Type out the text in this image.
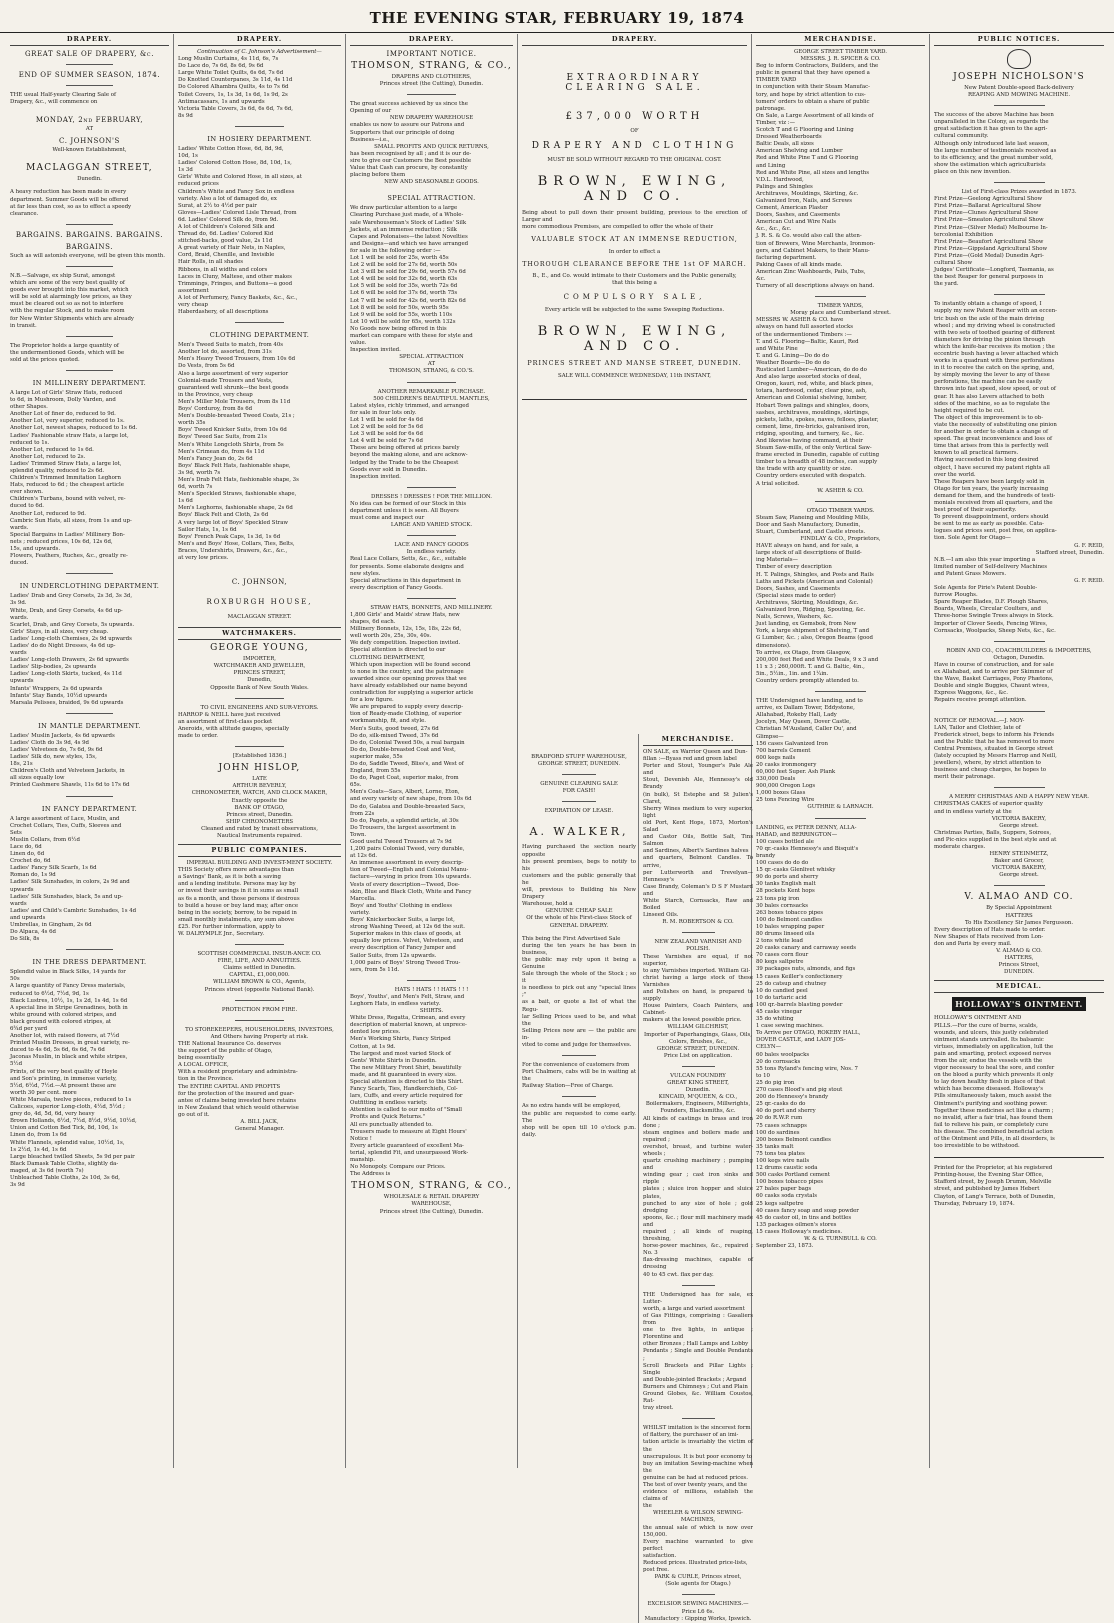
THE EVENING STAR, FEBRUARY 19, 1874
DRAPERY.
GREAT SALE OF DRAPERY, &c.
END OF SUMMER SEASON, 1874.

THE usual Half-yearly Clearing Sale of

Drapery, &c., will commence on

MONDAY, 2nd FEBRUARY,
AT
C. JOHNSON'S
Well-known Establishment,
MACLAGGAN STREET,
Dunedin.

A heavy reduction has been made in every

department. Summer Goods will be offered

at far less than cost, so as to effect a speedy

clearance.

BARGAINS. BARGAINS. BARGAINS.
BARGAINS.
Such as will astonish everyone, will be given this month.

N.B.—Salvage, ex ship Surat, amongst

which are some of the very best quality of

goods ever brought into this market, which

will be sold at alarmingly low prices, as they

must be cleared out so as not to interfere

with the regular Stock, and to make room

for New Winter Shipments which are already

in transit.

The Proprietor holds a large quantity of

the undermentioned Goods, which will be

sold at the prices quoted.

IN MILLINERY DEPARTMENT.

A large Lot of Girls' Straw Hats, reduced

to 6d, in Mushroom, Dolly Varden, and

other Shapes.

Another Lot of finer do, reduced to 9d.

Another Lot, very superior, reduced to 1s.

Another Lot, newest shapes, reduced to 1s 6d.

Ladies' Fashionable straw Hats, a large lot,

reduced to 1s.

Another Lot, reduced to 1s 6d.

Another Lot, reduced to 2s.

Ladies' Trimmed Straw Hats, a large lot,

splendid quality, reduced to 2s 6d.

Children's Trimmed Immitation Leghorn

Hats, reduced to 6d ; the cheapest article

ever shown.

Children's Turbans, bound with velvet, re-

duced to 6d.

Another Lot, reduced to 9d.

Cambric Sun Hats, all sizes, from 1s and up-

wards.

Special Bargains in Ladies' Millinery Bon-

nets ; reduced prices, 10s 6d, 12s 6d,

15s, and upwards.

Flowers, Feathers, Ruches, &c., greatly re-

duced.

IN UNDERCLOTHING DEPARTMENT.

Ladies' Drab and Grey Corsets, 2s 3d, 3s 3d,

3s 9d.

White, Drab, and Grey Corsets, 4s 6d up-

wards.

Scarlet, Drab, and Grey Corsets, 5s upwards.

Girls' Stays, in all sizes, very cheap.

Ladies' Long-cloth Chemises, 2s 9d upwards

Ladies' do do Night Dresses, 4s 6d up-

wards

Ladies' Long-cloth Drawers, 2s 6d upwards

Ladies' Slip-bodies, 2s upwards

Ladies' Long-cloth Skirts, tucked, 4s 11d

upwards

Infants' Wrappers, 2s 6d upwards

Infants' Stay Bands, 10½d upwards

Marsala Pelisses, braided, 9s 6d upwards

IN MANTLE DEPARTMENT.

Ladies' Muslin Jackets, 4s 6d upwards

Ladies' Cloth do 3s 9d, 4s 9d

Ladies' Velveteen do, 7s 6d, 9s 6d

Ladies' Silk do, new styles, 15s,

18s, 21s

Children's Cloth and Velveteen Jackets, in

all sizes equally low

Printed Cashmere Shawls, 11s 6d to 17s 6d

IN FANCY DEPARTMENT.

A large assortment of Lace, Muslin, and

Crochet Collars, Ties, Cuffs, Sleeves and

Sets

Muslin Collars, from 6½d

Lace do, 6d

Linen do, 6d

Crochet do, 6d

Ladies' Fancy Silk Scarfs, 1s 6d

Roman do, 1s 9d

Ladies' Silk Sunshades, in colors, 2s 9d and

upwards

Ladies' Silk Sunshades, black, 5s and up-

wards

Ladies' and Child's Cambric Sunshades, 1s 4d

and upwards

Umbrellas, in Gingham, 2s 6d

Do Alpaca, 4s 6d

Do Silk, 8s

IN THE DRESS DEPARTMENT.

Splendid value in Black Silks, 14 yards for

50s

A large quantity of Fancy Dress materials,

reduced to 6½d, 7½d, 9d, 1s

Black Lustres, 10½, 1s, 1s 2d, 1s 4d, 1s 6d

A special line in Stripe Grenadines, both in

white ground with colored stripes, and

black ground with colored stripes, at

6¾d per yard

Another lot, with raised flowers, at 7½d

Printed Muslin Dresses, in great variety, re-

duced to 4s 6d, 5s 6d, 6s 6d, 7s 6d

Jaconas Muslin, in black and white stripes,

5½d

Prints, of the very best quality of Hoyle

and Son's printing, in immense variety,

5½d, 6½d, 7½d.—At present these are

worth 30 per cent. more

White Marsala, twelve pieces, reduced to 1s

Calicoes, superior Long-cloth, 4½d, 5½d ;

grey do, 4d, 5d, 6d, very heavy

Brown Hollands, 6½d, 7½d, 8½d, 9½d, 10½d,

Union and Cotton Bed Tick, 8d, 10d, 1s

Linen do, from 1s 6d

White Flannels, splendid value, 10½d, 1s,

1s 2½d, 1s 4d, 1s 6d

Large bleached twilled Sheets, 5s 9d per pair

Black Damask Table Cloths, slightly da-

maged, at 3s 6d (worth 7s)

Unbleached Table Cloths, 2s 10d, 3s 6d,

3s 9d

DRAPERY.
Continuation of C. Johnson's Advertisement—

Long Muslin Curtains, 4s 11d, 6s, 7s

Do Lace do, 7s 6d, 8s 6d, 9s 6d

Large White Toilet Quilts, 6s 6d, 7s 6d

Do Knotted Counterpanes, 3s 11d, 4s 11d

Do Colored Alhambra Quilts, 4s to 7s 6d

Toilet Covers, 1s, 1s 3d, 1s 6d, 1s 9d, 2s

Antimacassars, 1s and upwards

Victoria Table Covers, 3s 6d, 6s 6d, 7s 6d,

8s 9d

IN HOSIERY DEPARTMENT.

Ladies' White Cotton Hose, 6d, 8d, 9d,

10d, 1s

Ladies' Colored Cotton Hose, 8d, 10d, 1s,

1s 3d

Girls' White and Colored Hose, in all sizes, at

reduced prices

Children's White and Fancy Sox in endless

variety. Also a lot of damaged do, ex

Surat, at 2½ to 4½d per pair

Gloves—Ladies' Colored Lisle Thread, from

6d. Ladies' Colored Silk do, from 9d.

A lot of Children's Colored Silk and

Thread do, 6d. Ladies' Colored Kid

stitched-backs, good value, 2s 11d

A great variety of Hair Nets, in Naples,

Cord, Braid, Chenille, and Invisible

Hair Rolls, in all shades

Ribbons, in all widths and colors

Laces in Cluny, Maltese, and other makes

Trimmings, Fringes, and Buttons—a good

assortment

A lot of Perfumery, Fancy Baskets, &c., &c.,

very cheap

Haberdashery, of all descriptions

CLOTHING DEPARTMENT.

Men's Tweed Suits to match, from 40s

Another lot do, assorted, from 31s

Men's Heavy Tweed Trousers, from 10s 6d

Do Vests, from 5s 6d

Also a large assortment of very superior

Colonial-made Trousers and Vests,

guaranteed well shrunk—the best goods

in the Province, very cheap

Men's Miller Mole Trousers, from 8s 11d

Boys' Corduroy, from 8s 6d

Men's Double-breasted Tweed Coats, 21s ;

worth 35s

Boys' Tweed Knicker Suits, from 10s 6d

Boys' Tweed Sac Suits, from 21s

Men's White Longcloth Shirts, from 5s

Men's Crimean do, from 4s 11d

Men's Fancy Jean do, 2s 6d

Boys' Black Felt Hats, fashionable shape,

3s 9d, worth 7s

Men's Drab Felt Hats, fashionable shape, 3s

6d, worth 7s

Men's Speckled Straws, fashionable shape,

1s 6d

Men's Leghorns, fashionable shape, 2s 6d

Boys' Black Felt and Cloth, 2s 6d

A very large lot of Boys' Speckled Straw

Sailor Hats, 1s, 1s 6d

Boys' French Peak Caps, 1s 3d, 1s 6d

Men's and Boys' Hose, Collars, Ties, Belts,

Braces, Undershirts, Drawers, &c., &c.,

at very low prices.

C. JOHNSON,
ROXBURGH HOUSE,
MACLAGGAN STREET.
WATCHMAKERS.
GEORGE YOUNG,
IMPORTER,
WATCHMAKER AND JEWELLER,
PRINCES STREET,
Dunedin,
Opposite Bank of New South Wales.
TO CIVIL ENGINEERS AND SUR-VEYORS.

HARROP & NEILL have just received

an assortment of first-class pocket

Aneroids, with altitude gauges, specially

made to order.

[Established 1836.]
JOHN HISLOP,
LATE
ARTHUR BEVERLY,
CHRONOMETER, WATCH, AND CLOCK MAKER,
Exactly opposite the
BANK OF OTAGO,
Princes street, Dunedin.
SHIP CHRONOMETERS
Cleaned and rated by transit observations,
Nautical Instruments repaired.
PUBLIC COMPANIES.
IMPERIAL BUILDING AND INVEST-MENT SOCIETY.

THIS Society offers more advantages than

a Savings' Bank, as it is both a saving

and a lending institute. Persons may lay by

or invest their savings in it in sums as small

as 6s a month, and those persons if desirous

to build a house or buy land may, after once

being in the society, borrow, to be repaid in

small monthly instalments, any sum above

£25. For further information, apply to

W. DALRYMPLE Jnr., Secretary.

SCOTTISH COMMERCIAL INSUR-ANCE CO.
FIRE, LIFE, AND ANNUITIES.
Claims settled in Dunedin.
CAPITAL, £1,000,000.
WILLIAM BROWN & CO., Agents,
Princes street (opposite National Bank).
PROTECTION FROM FIRE.
TO STOREKEEPERS, HOUSEHOLDERS, INVESTORS,
And Others having Property at risk.

THE National Insurance Co. deserves

the support of the public of Otago,

being essentially

A LOCAL OFFICE,

With a resident proprietary and administra-

tion in the Province.

The ENTIRE CAPITAL AND PROFITS

for the protection of the insured and guar-

antee of claims being invested here retains

in New Zealand that which would otherwise

go out of it.

A. BILL JACK,
General Manager.
DRAPERY.
IMPORTANT NOTICE.
THOMSON, STRANG, & CO.,
DRAPERS AND CLOTHIERS,
Princes street (the Cutting), Dunedin.

The great success achieved by us since the

Opening of our

NEW DRAPERY WAREHOUSE

enables us now to assure our Patrons and

Supporters that our principle of doing

Business—i.e.,

SMALL PROFITS AND QUICK RETURNS,

has been recognised by all ; and it is our de-

sire to give our Customers the Best possible

Value that Cash can procure, by constantly

placing before them

NEW AND SEASONABLE GOODS.
SPECIAL ATTRACTION.

We draw particular attention to a large

Clearing Purchase just made, of a Whole-

sale Warehouseman's Stock of Ladies' Silk

Jackets, at an immense reduction ; Silk

Capes and Polonaises—the latest Novelties

and Designs—and which we have arranged

for sale in the following order :—

Lot 1 will be sold for 25s, worth 45s

Lot 2 will be sold for 27s 6d, worth 50s

Lot 3 will be sold for 29s 6d, worth 57s 6d

Lot 4 will be sold for 32s 6d, worth 63s

Lot 5 will be sold for 35s, worth 72s 6d

Lot 6 will be sold for 37s 6d, worth 75s

Lot 7 will be sold for 42s 6d, worth 82s 6d

Lot 8 will be sold for 50s, worth 95s

Lot 9 will be sold for 55s, worth 110s

Lot 10 will be sold for 65s, worth 132s

No Goods now being offered in this

market can compare with these for style and

value.

Inspection invited.

SPECIAL ATTRACTION
AT
THOMSON, STRANG, & CO.'S.
ANOTHER REMARKABLE PURCHASE.
500 CHILDREN'S BEAUTIFUL MANTLES,

Latest styles, richly trimmed, and arranged

for sale in four lots only.

Lot 1 will be sold for 4s 6d

Lot 2 will be sold for 5s 6d

Lot 3 will be sold for 6s 6d

Lot 4 will be sold for 7s 6d

These are being offered at prices barely

beyond the making alone, and are acknow-

ledged by the Trade to be the Cheapest

Goods ever sold in Dunedin.

Inspection invited.

DRESSES ! DRESSES ! FOR THE MILLION.

No idea can be formed of our Stock in this

department unless it is seen. All Buyers

must come and inspect our

LARGE AND VARIED STOCK.
LACE AND FANCY GOODS
In endless variety.

Real Lace Collars, Setts, &c., &c., suitable

for presents. Some elaborate designs and

new styles.

Special attractions in this department in

every description of Fancy Goods.

STRAW HATS, BONNETS, AND MILLINERY.

1,800 Girls' and Maids' straw Hats, new

shapes, 6d each.

Millinery Bonnets, 12s, 15s, 18s, 22s 6d,

well worth 20s, 25s, 30s, 40s.

We defy competition. Inspection invited.

Special attention is directed to our

CLOTHING DEPARTMENT,

Which upon inspection will be found second

to none in the country, and the patronage

awarded since our opening proves that we

have already established our name beyond

contradiction for supplying a superior article

for a low figure.

We are prepared to supply every descrip-

tion of Ready-made Clothing, of superior

workmanship, fit, and style.

Men's Suits, good tweed, 27s 6d

Do do, silk-mixed Tweed, 37s 6d

Do do, Colonial Tweed 50s, a real bargain

Do do, Double-breasted Coat and Vest,

superior make, 55s

Do do, Saddle Tweed, Bliss's, and West of

England, from 55s

Do do, Paget Coat, superior make, from

65s.

Men's Coats—Sacs, Albert, Lorne, Eton,

and every variety of new shape, from 10s 6d

Do do, Galatea and Double-breasted Sacs,

from 22s

Do do, Pagets, a splendid article, at 30s

Do Trousers, the largest assortment in

Town.

Good useful Tweed Trousers at 7s 9d

1,200 pairs Colonial Tweed, very durable,

at 12s 6d.

An immense assortment in every descrip-

tion of Tweed—English and Colonial Manu-

facture—varying in price from 10s upwards.

Vests of every description—Tweed, Doe-

skin, Blue and Black Cloth, White and Fancy

Marcella.

Boys' and Youths' Clothing in endless

variety.

Boys' Knickerbocker Suits, a large lot,

strong Washing Tweed, at 12s 6d the suit.

Superior makes in this class of goods, at

equally low prices. Velvet, Velveteen, and

every description of Fancy Jumper and

Sailor Suits, from 12s upwards.

1,000 pairs of Boys' Strong Tweed Trou-

sers, from 5s 11d.

HATS ! HATS ! ! HATS ! ! !

Boys', Youths', and Men's Felt, Straw, and

Leghorn Hats, in endless variety.

SHIRTS.

White Dress, Regatta, Crimean, and every

description of material known, at unprece-

dented low prices.

Men's Working Shirts, Fancy Striped

Cotton, at 1s 9d.

The largest and most varied Stock of

Gents' White Shirts in Dunedin.

The new Military Front Shirt, beautifully

made, and fit guaranteed in every size.

Special attention is directed to this Shirt.

Fancy Scarfs, Ties, Handkerchiefs, Col-

lars, Cuffs, and every article required for

Outfitting in endless variety.

Attention is called to our motto of "Small

Profits and Quick Returns."

All ers punctually attended to.

Trousers made to measure at Eight Hours'

Notice !

Every article guaranteed of excellent Ma-

terial, splendid Fit, and unsurpassed Work-

manship.

No Monopoly. Compare our Prices.

The Address is

THOMSON, STRANG, & CO.,
WHOLESALE & RETAIL DRAPERY
WAREHOUSE,
Princes street (the Cutting), Dunedin.
DRAPERY.
EXTRAORDINARY CLEARING SALE.
£37,000 WORTH
OF
DRAPERY AND CLOTHING
MUST BE SOLD WITHOUT REGARD TO THE ORIGINAL COST.
BROWN, EWING, AND CO.

Being about to pull down their present building, previous to the erection of Larger and

more commodious Premises, are compelled to offer the whole of their

VALUABLE STOCK AT AN IMMENSE REDUCTION,
In order to effect a
THOROUGH CLEARANCE BEFORE THE 1st OF MARCH.
B., E., and Co. would intimate to their Customers and the Public generally,
that this being a
COMPULSORY SALE,
Every article will be subjected to the same Sweeping Reductions.
BROWN, EWING, AND CO.
PRINCES STREET AND MANSE STREET, DUNEDIN.
SALE WILL COMMENCE WEDNESDAY, 11th INSTANT,
BRADFORD STUFF WAREHOUSE,
GEORGE STREET, DUNEDIN.
GENUINE CLEARING SALE
FOR CASH!
EXPIRATION OF LEASE.
A. WALKER,

Having purchased the section nearly opposite

his present premises, begs to notify to his

customers and the public generally that he

will, previous to Building his New Drapery

Warehouse, hold a

GENUINE CHEAP SALE
Of the whole of his First-class Stock of
GENERAL DRAPERY.

This being the First Advertised Sale

during the ten years he has been in business,

the public may rely upon it being a Genuine

Sale through the whole of the Stock ; so it

is needless to pick out any "special lines ;"

as a bait, or quote a list of what the Regu-

lar Selling Prices used to be, and what the

Selling Prices now are — the public are in-

vited to come and judge for themselves.

For the convenience of customers from

Port Chalmers, cabs will be in waiting at the

Railway Station—Free of Charge.

As no extra hands will be employed,

the public are requested to come early. The

shop will be open till 10 o'clock p.m. daily.

MERCHANDISE.

ON SALE, ex Warrior Queen and Dun-

fillan :—Byass red and green label

Porter and Stout, Younger's Pale Ale and

Stout, Devenish Ale, Hennessy's old Brandy

(in bulk), St Estephe and St Julien's Claret,

Sherry Wines medium to very superior, light

old Port, Kent Hops, 1873, Morton's Salad

and Castor Oils, Bottle Salt, Tins Salmon

and Sardines, Albert's Sardines halves

and quarters, Belmont Candles. To arrive,

per Lutterworth and Trevelyan—Hennessy's

Case Brandy, Coleman's D S F Mustard and

White Starch, Cornsacks, Raw and Boiled

Linseed Oils.

R. M. ROBERTSON & CO.
NEW ZEALAND VARNISH AND POLISH.

These Varnishes are equal, if not superior,

to any Varnishes imported. William Gil-

christ having a large stock of these Varnishes

and Polishes on hand, is prepared to supply

House Painters, Coach Painters, and Cabinet-

makers at the lowest possible price.

WILLIAM GILCHRIST,
Importer of Paperhangings, Glass, Oils,
Colors, Brushes, &c.,
GEORGE STREET, DUNEDIN.
Price List on application.
VULCAN FOUNDRY
GREAT KING STREET,
Dunedin.
KINCAID, M'QUEEN, & CO.,
Boilermakers, Engineers, Millwrights,
Founders, Blacksmiths, &c.

All kinds of castings in brass and iron done ;

steam engines and boilers made and repaired ;

overshot, breast, and turbine water-wheels ;

quartz crushing machinery ; pumping and

winding gear ; cast iron sinks and ripple

plates ; sluice iron hopper and sluice plates,

punched to any size of hole ; gold dredging

spoons, &c. ; flour mill machinery made and

repaired ; all kinds of reaping, threshing,

horse-power machines, &c., repaired ; No. 3

flax-dressing machines, capable of dressing

40 to 45 cwt. flax per day.

THE Undersigned has for sale, ex Lutter-

worth, a large and varied assortment

of Gas Fittings, comprising : Gasaliers from

one to five lights, in antique ; Florentine and

other Bronzes ; Hall Lamps and Lobby

Pendants ; Single and Double Pendants ;

Scroll Brackets and Pillar Lights ; Single

and Double-jointed Brackets ; Argand

Burners and Chimneys ; Cut and Plain

Ground Globes, &c. William Coustos, Rat-

tray street.

WHILST imitation is the sincerest form

of flattery, the purchaser of an imi-

tation article is invariably the victim of the

unscrupulous. It is but poor economy to

buy an imitation Sewing-machine when the

genuine can be had at reduced prices.

The test of over twenty years, and the

evidence of millions, establish the claims of

the

WHEELER & WILSON SEWING-MACHINES,

the annual sale of which is now over 150,000.

Every machine warranted to give perfect

satisfaction.

Reduced prices. Illustrated price-lists,

post free.

PARK & CURLE, Princes street,
(Sole agents for Otago.)
EXCELSIOR SEWING MACHINES.—
Price L6 6s.
Manufactory : Gipping Works, Ipswich.
MERCHANDISE.
GEORGE STREET TIMBER YARD.
MESSRS. J. R. SPICER & CO.

Beg to inform Contractors, Builders, and the

public in general that they have opened a

TIMBER YARD

in conjunction with their Steam Manufac-

tory, and hope by strict attention to cus-

tomers' orders to obtain a share of public

patronage.

On Sale, a Large Assortment of all kinds of

Timber, viz :—

Scotch T and G Flooring and Lining

Dressed Weatherboards

Baltic Deals, all sizes

American Shelving and Lumber

Red and White Pine T and G Flooring

and Lining

Red and White Pine, all sizes and lengths

V.D.L. Hardwood,

Palings and Shingles

Architraves, Mouldings, Skirting, &c.

Galvanized Iron, Nails, and Screws

Cement, American Plaster

Doors, Sashes, and Casements

American Cut and Wire Nails

&c., &c., &c.

J. R. S. & Co. would also call the atten-

tion of Brewers, Wine Merchants, Ironmon-

gers, and Cabinet Makers, to their Manu-

facturing department.

Paking Cases of all kinds made.

American Zinc Washboards, Pails, Tubs,

&c.

Turnery of all descriptions always on hand.

TIMBER YARDS,
Moray place and Cumberland street.

MESSRS W. ASHER & CO. have

always on hand full assorted stocks

of the undermentioned Timbers :—

T. and G. Flooring—Baltic, Kauri, Red

and White Pine

T. and G. Lining—Do do do

Weather Boards—Do do do

Rusticated Lumber—American, do do do

And also large assorted stocks of deal,

Oregon, kauri, red, white, and black pines,

totara, hardwood, cedar, clear pine, ash,

American and Colonial shelving, lumber,

Hobart Town palings and shingles, doors,

sashes, architraves, mouldings, skirtings,

pickets, laths, spokes, naves, felloes, plaster,

cement, lime, fire-bricks, galvanised iron,

ridging, spouting, and turnery, &c., &c.

And likewise having command, at their

Steam Saw-mills, of the only Vertical Saw-

frame erected in Dunedin, capable of cutting

timber to a breadth of 48 inches, can supply

the trade with any quantity or size.

Country orders executed with despatch.

A trial solicited.

W. ASHER & CO.
OTAGO TIMBER YARDS.

Steam Saw, Planeing and Moulding Mills,

Door and Sash Manufactory, Dunedin,

Stuart, Cumberland, and Castle streets.

FINDLAY & CO., Proprietors,

HAVE always on hand, and for sale, a

large stock of all descriptions of Build-

ing Materials—

Timber of every description

H. T. Palings, Shingles, and Posts and Rails

Laths and Pickets (American and Colonial)

Doors, Sashes, and Casements

(Special sizes made to order)

Architraves, Skirting, Mouldings, &c.

Galvanized Iron, Ridging, Spouting, &c.

Nails, Screws, Washers, &c.

Just landing, ex Gemsbok, from New

York, a large shipment of Shelving, T and

G Lumber, &c. ; also, Oregon Beams (good

dimensions).

To arrive, ex Otago, from Glasgow,

200,000 feet Red and White Deals, 9 x 3 and

11 x 3 ; 260,000ft. T. and G. Baltic, 4in.,

5in., 5½in., 1in. and 1¼in.

Country orders promptly attended to.

THE Undersigned have landing, and to

arrive, ex Dallam Tower, Eddystone,

Allahabad, Rokeby Hall, Lady

Jocelyn, May Queen, Dover Castle,

Christian M'Ausland, Caller Ou', and

Glimpse—

156 cases Galvanized Iron

700 barrels Cement

600 kegs nails

20 casks ironmongery

60,000 feet Super. Ash Plank

330,000 Deals

900,000 Oregon Logs

1,000 boxes Glass

25 tons Fencing Wire

GUTHRIE & LARNACH.

LANDING, ex PETER DENNY, ALLA-

HABAD, and BERRINGTON—

100 cases bottled ale

70 qr.-casks Hennessy's and Bisquit's

brandy

100 cases do do do

15 qr.-casks Glenlivet whisky

90 do ports and sherry

30 tanks English malt

28 pockets Kent hops

23 tons pig iron

30 bales cornsacks

263 boxes tobacco pipes

100 do Belmont candles

10 bales wrapping paper

80 drums linseed oils

2 tons white lead

20 casks canary and carraway seeds

70 cases corn flour

80 kegs saltpetre

39 packages nuts, almonds, and figs

15 cases Keiller's confectionery

25 do catsup and chutney

10 do candied peel

10 do tartaric acid

100 qr.-barrels blasting powder

45 casks vinegar

35 do whiting

1 case sewing machines.

To Arrive per OTAGO, ROKEBY HALL,

DOVER CASTLE, and LADY JOS-

CELYN—

60 bales woolpacks

20 do cornsacks

55 tons Ryland's fencing wire, Nos. 7

to 10

25 do pig iron

270 cases Blood's and pig stout

200 do Hennessy's brandy

25 qr.-casks do do

40 do port and sherry

20 do R.W.P. rum

75 cases schnapps

100 do sardines

200 boxes Belmont candles

35 tanks malt

75 tons tea plates

100 kegs wire nails

12 drums caustic soda

500 casks Portland cement

100 boxes tobacco pipes

27 bales paper bags

60 casks soda crystals

25 kegs saltpetre

40 cases fancy soap and soap powder

45 do castor oil, in tins and bottles

135 packages oilmen's stores

15 cases Holloway's medicines.

W. & G. TURNBULL & CO.
September 23, 1873.
PUBLIC NOTICES.
JOSEPH NICHOLSON'S
New Patent Double-speed Back-delivery
REAPING AND MOWING MACHINE.

The success of the above Machine has been

unparalleled in the Colony, as regards the

great satisfaction it has given to the agri-

cultural community.

Although only introduced late last season,

the large number of testimonials received as

to its efficiency, and the great number sold,

show the estimation which agriculturists

place on this new invention.

List of First-class Prizes awarded in 1873.

First Prize—Geelong Agricultural Show

First Prize—Ballarat Agricultural Show

First Prize—Clunes Agricultural Show

First Prize—Smeaton Agricultural Show

First Prize—(Silver Medal) Melbourne In-

tercolonial Exhibition

First Prize—Beaufort Agricultural Show

First Prize—Gippsland Agricultural Show

First Prize—(Gold Medal) Dunedin Agri-

cultural Show

Judges' Certificate—Longford, Tasmania, as

the best Reaper for general purposes in

the yard.

To instantly obtain a change of speed, I

supply my new Patent Reaper with an eccen-

tric bush on the axle of the main driving

wheel ; and my driving wheel is constructed

with two sets of toothed gearing of different

diameters for driving the pinion through

which the knife-bar receives its motion ; the

eccentric bush having a lever attached which

works in a quadrant with three perforations

in it to receive the catch on the spring, and,

by simply moving the lever to any of these

perforations, the machine can be easily

thrown into fast speed, slow speed, or out of

gear. It has also Levers attached to both

sides of the machine, so as to regulate the

height required to be cut.

The object of this improvement is to ob-

viate the necessity of substituting one pinion

for another in order to obtain a change of

speed. The great inconvenience and loss of

time that arises from this is perfectly well

known to all practical farmers.

Having succeeded in this long desired

object, I have secured my patent rights all

over the world.

These Reapers have been largely sold in

Otago for ten years, the yearly increasing

demand for them, and the hundreds of testi-

monials received from all quarters, and the

best proof of their superiority.

To prevent disappointment, orders should

be sent to me as early as possible. Cata-

logues and prices sent, post free, on applica-

tion. Sole Agent for Otago—

G. F. REID,
Stafford street, Dunedin.

N.B.—I am also this year importing a

limited number of Self-delivery Machines

and Patent Grass Mowers.

G. F. REID.

Sole Agents for Pirie's Patent Double-

furrow Ploughs.

Spare Reaper Blades, D.F. Plough Shares,

Boards, Wheels, Circular Coulters, and

Three-horse Swingle Trees always in Stock.

Importer of Clover Seeds, Fencing Wires,

Cornsacks, Woolpacks, Sheep Nets, &c., &c.

ROBIN AND CO., COACHBUILDERS & IMPORTERS,
Octagon, Dunedin.

Have in course of construction, and for sale

ex Allahabad, and to arrive per Skimmer of

the Wave, Basket Carriages, Pony Phætons,

Double and single Buggies, Chaunt wives,

Express Waggons, &c., &c.

Repairs receive prompt attention.

NOTICE OF REMOVAL.—J. MOY-

LAN, Tailor and Clothier, late of

Frederick street, begs to inform his Friends

and the Public that he has removed to more

Central Premises, situated in George street

(lately occupied by Messrs Harrop and Neill,

jewellers), where, by strict attention to

business and cheap charges, he hopes to

merit their patronage.

A MERRY CHRISTMAS AND A HAPPY NEW YEAR.

CHRISTMAS CAKES of superior quality

and in endless variety at the

VICTORIA BAKERY,
George street.

Christmas Parties, Balls, Suppers, Soirees,

and Pic-nics supplied in the best style and at

moderate charges.

HENRY STEINMETZ,
Baker and Grocer,
VICTORIA BAKERY,
George street.
V. ALMAO AND CO.
By Special Appointment
HATTERS
To His Excellency Sir James Fergusson.

Every description of Hats made to order.

New Shapes of Hats received from Lon-

don and Paris by every mail.

V. ALMAO & CO.
HATTERS,
Princes Street,
DUNEDIN.
MEDICAL.
HOLLOWAY'S OINTMENT.

HOLLOWAY'S OINTMENT AND

PILLS.—For the cure of burns, scalds,

wounds, and ulcers, this justly celebrated

ointment stands unrivalled. Its balsamic

virtues, immediately on application, lull the

pain and smarting, protect exposed nerves

from the air, endue the vessels with the

vigor necessary to heal the sore, and confer

on the blood a purity which prevents it only

to lay down healthy flesh in place of that

which has become diseased. Holloway's

Pills simultaneously taken, much assist the

Ointment's purifying and soothing power.

Together these medicines act like a charm ;

no invalid, after a fair trial, has found them

fail to relieve his pain, or completely cure

his disease. The combined beneficial action

of the Ointment and Pills, in all disorders, is

too irresistible to be withstood.

Printed for the Proprietor, at his registered

Printing-house, the Evening Star Office,

Stafford street, by Joseph Drumm, Melville

street, and published by James Hebert

Clayton, of Lang's Terrace, both of Dunedin,

Thursday, February 19, 1874.
